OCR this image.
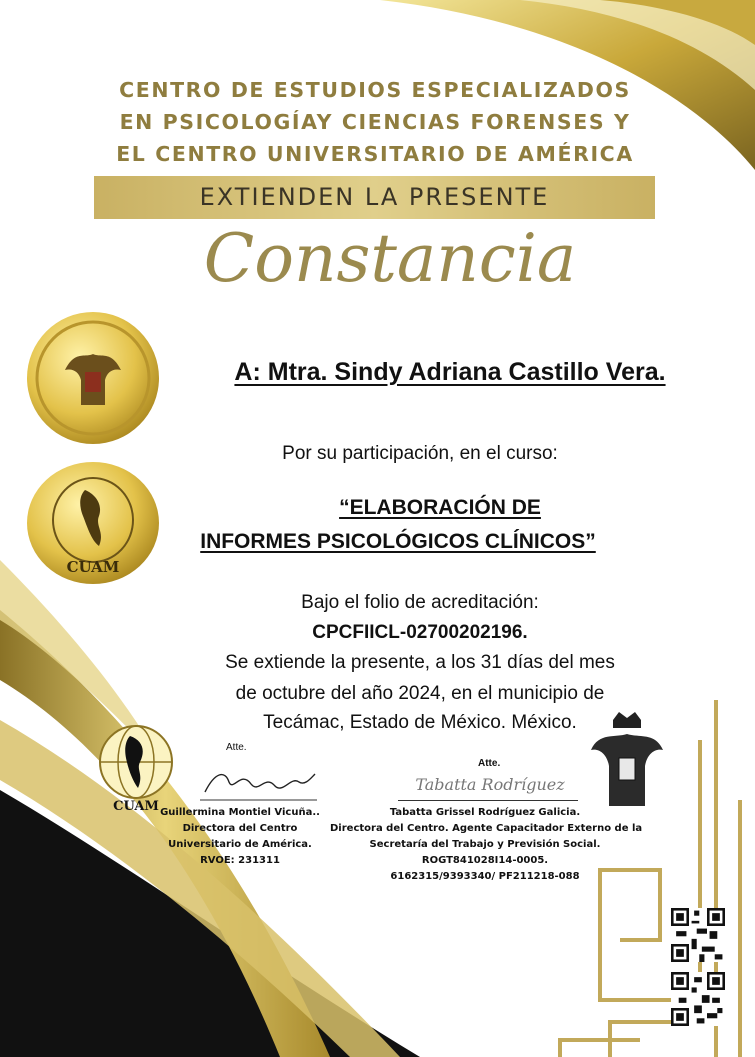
CENTRO DE ESTUDIOS ESPECIALIZADOS
EN PSICOLOGÍAY CIENCIAS FORENSES Y
EL CENTRO UNIVERSITARIO DE AMÉRICA
EXTIENDEN LA PRESENTE
Constancia
CUAM
A: Mtra. Sindy Adriana Castillo Vera.
Por su participación, en el curso:
“ELABORACIÓN DE
INFORMES PSICOLÓGICOS CLÍNICOS”
Bajo el folio de acreditación:
CPCFIICL-02700202196.
Se extiende la presente, a los 31 días del mes
de octubre del año 2024, en el municipio de
Tecámac, Estado de México. México.
CUAM
Atte.
Guillermina Montiel Vicuña..
Directora del Centro
Universitario de América.
RVOE: 231311
Atte.
Tabatta Rodríguez
Tabatta Grissel Rodríguez Galicia.
Directora del Centro. Agente Capacitador Externo de la
Secretaría del Trabajo y Previsión Social.
ROGT841028I14-0005.
6162315/9393340/ PF211218-088
